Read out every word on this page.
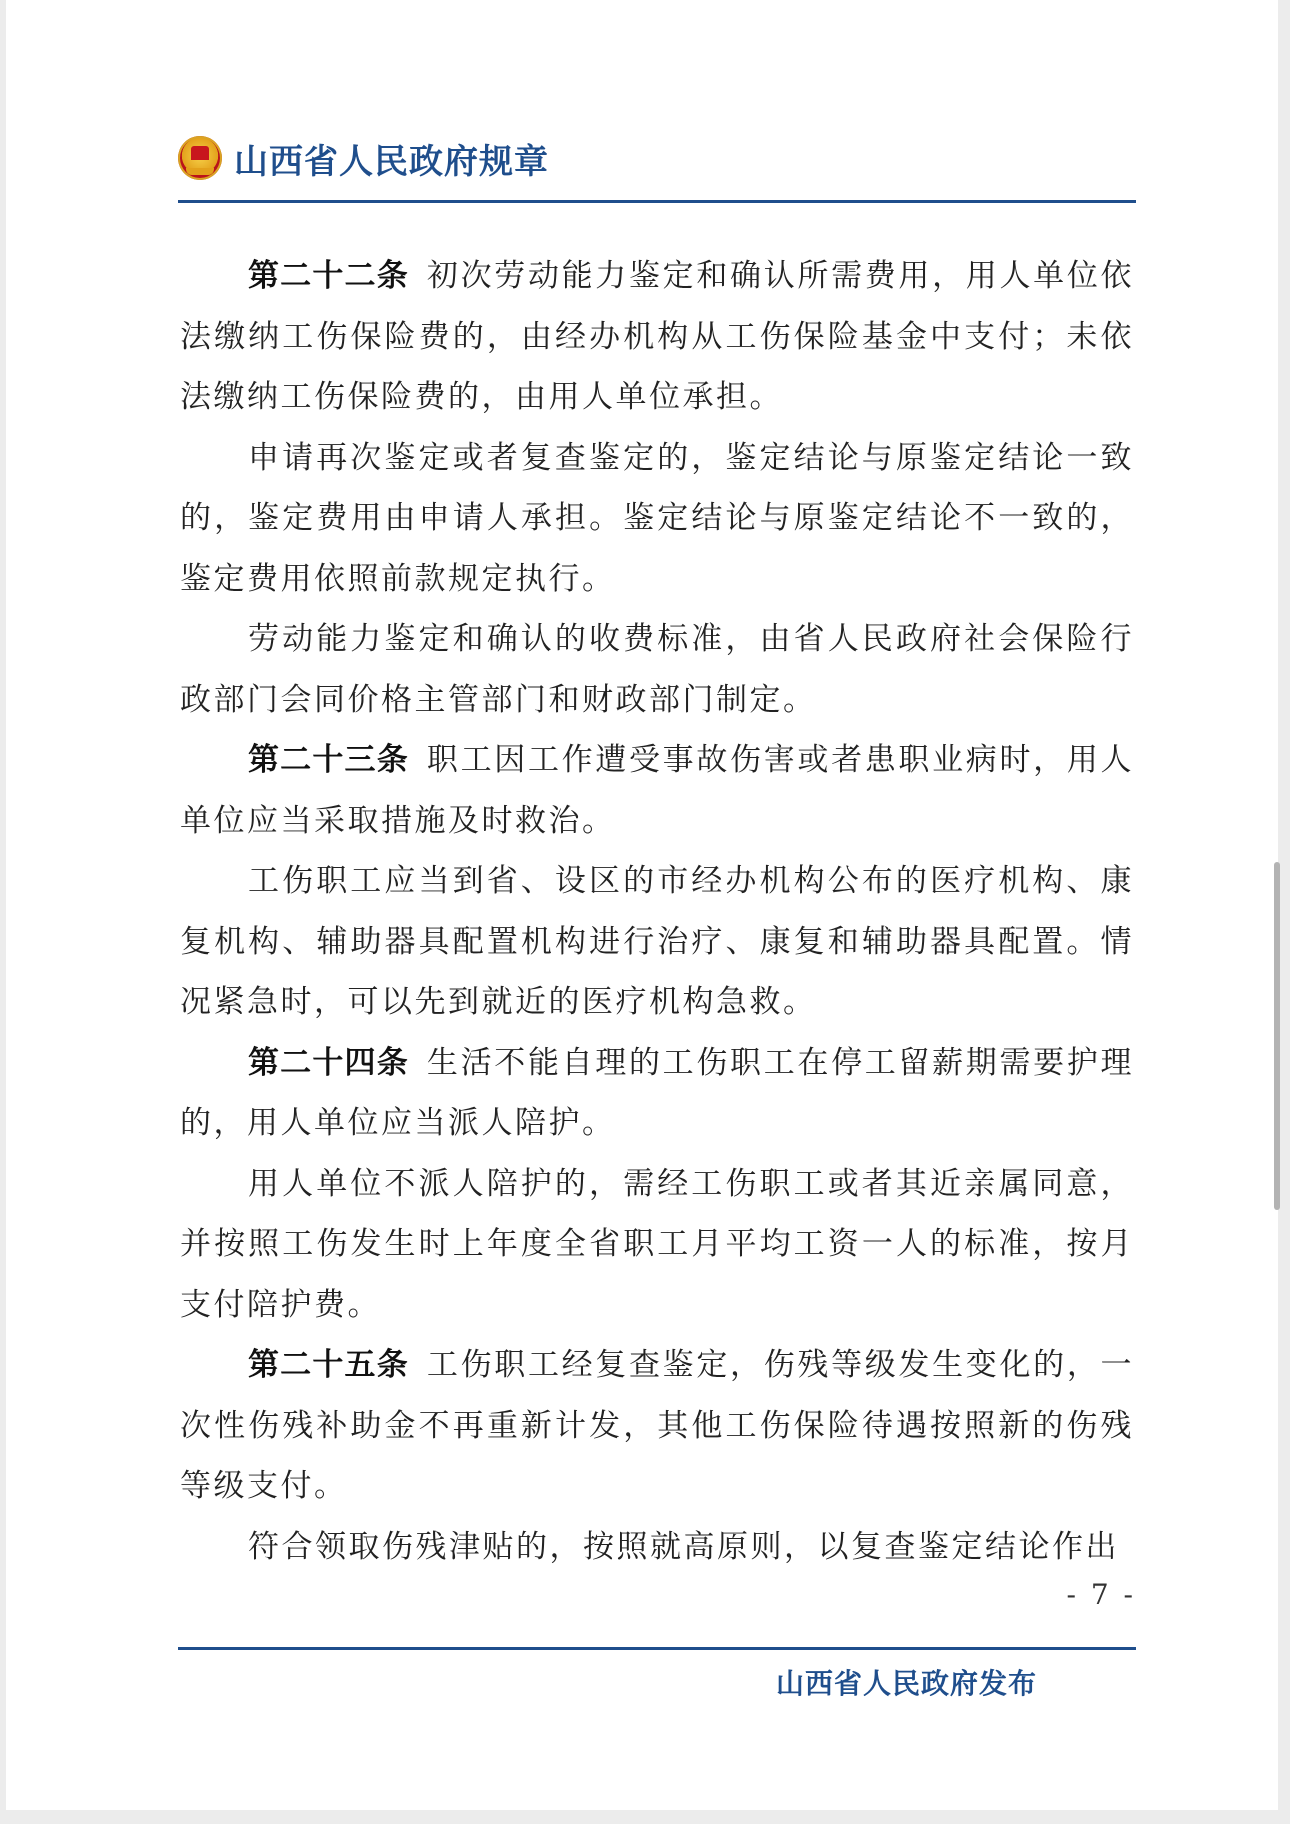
山西省人民政府规章

第二十二条 初次劳动能力鉴定和确认所需费用，用人单位依法缴纳工伤保险费的，由经办机构从工伤保险基金中支付；未依法缴纳工伤保险费的，由用人单位承担。

申请再次鉴定或者复查鉴定的，鉴定结论与原鉴定结论一致的，鉴定费用由申请人承担。鉴定结论与原鉴定结论不一致的，鉴定费用依照前款规定执行。

劳动能力鉴定和确认的收费标准，由省人民政府社会保险行政部门会同价格主管部门和财政部门制定。

第二十三条 职工因工作遭受事故伤害或者患职业病时，用人单位应当采取措施及时救治。

工伤职工应当到省、设区的市经办机构公布的医疗机构、康复机构、辅助器具配置机构进行治疗、康复和辅助器具配置。情况紧急时，可以先到就近的医疗机构急救。

第二十四条 生活不能自理的工伤职工在停工留薪期需要护理的，用人单位应当派人陪护。

用人单位不派人陪护的，需经工伤职工或者其近亲属同意，并按照工伤发生时上年度全省职工月平均工资一人的标准，按月支付陪护费。

第二十五条 工伤职工经复查鉴定，伤残等级发生变化的，一次性伤残补助金不再重新计发，其他工伤保险待遇按照新的伤残等级支付。

符合领取伤残津贴的，按照就高原则，以复查鉴定结论作出

- 7 -
山西省人民政府发布
